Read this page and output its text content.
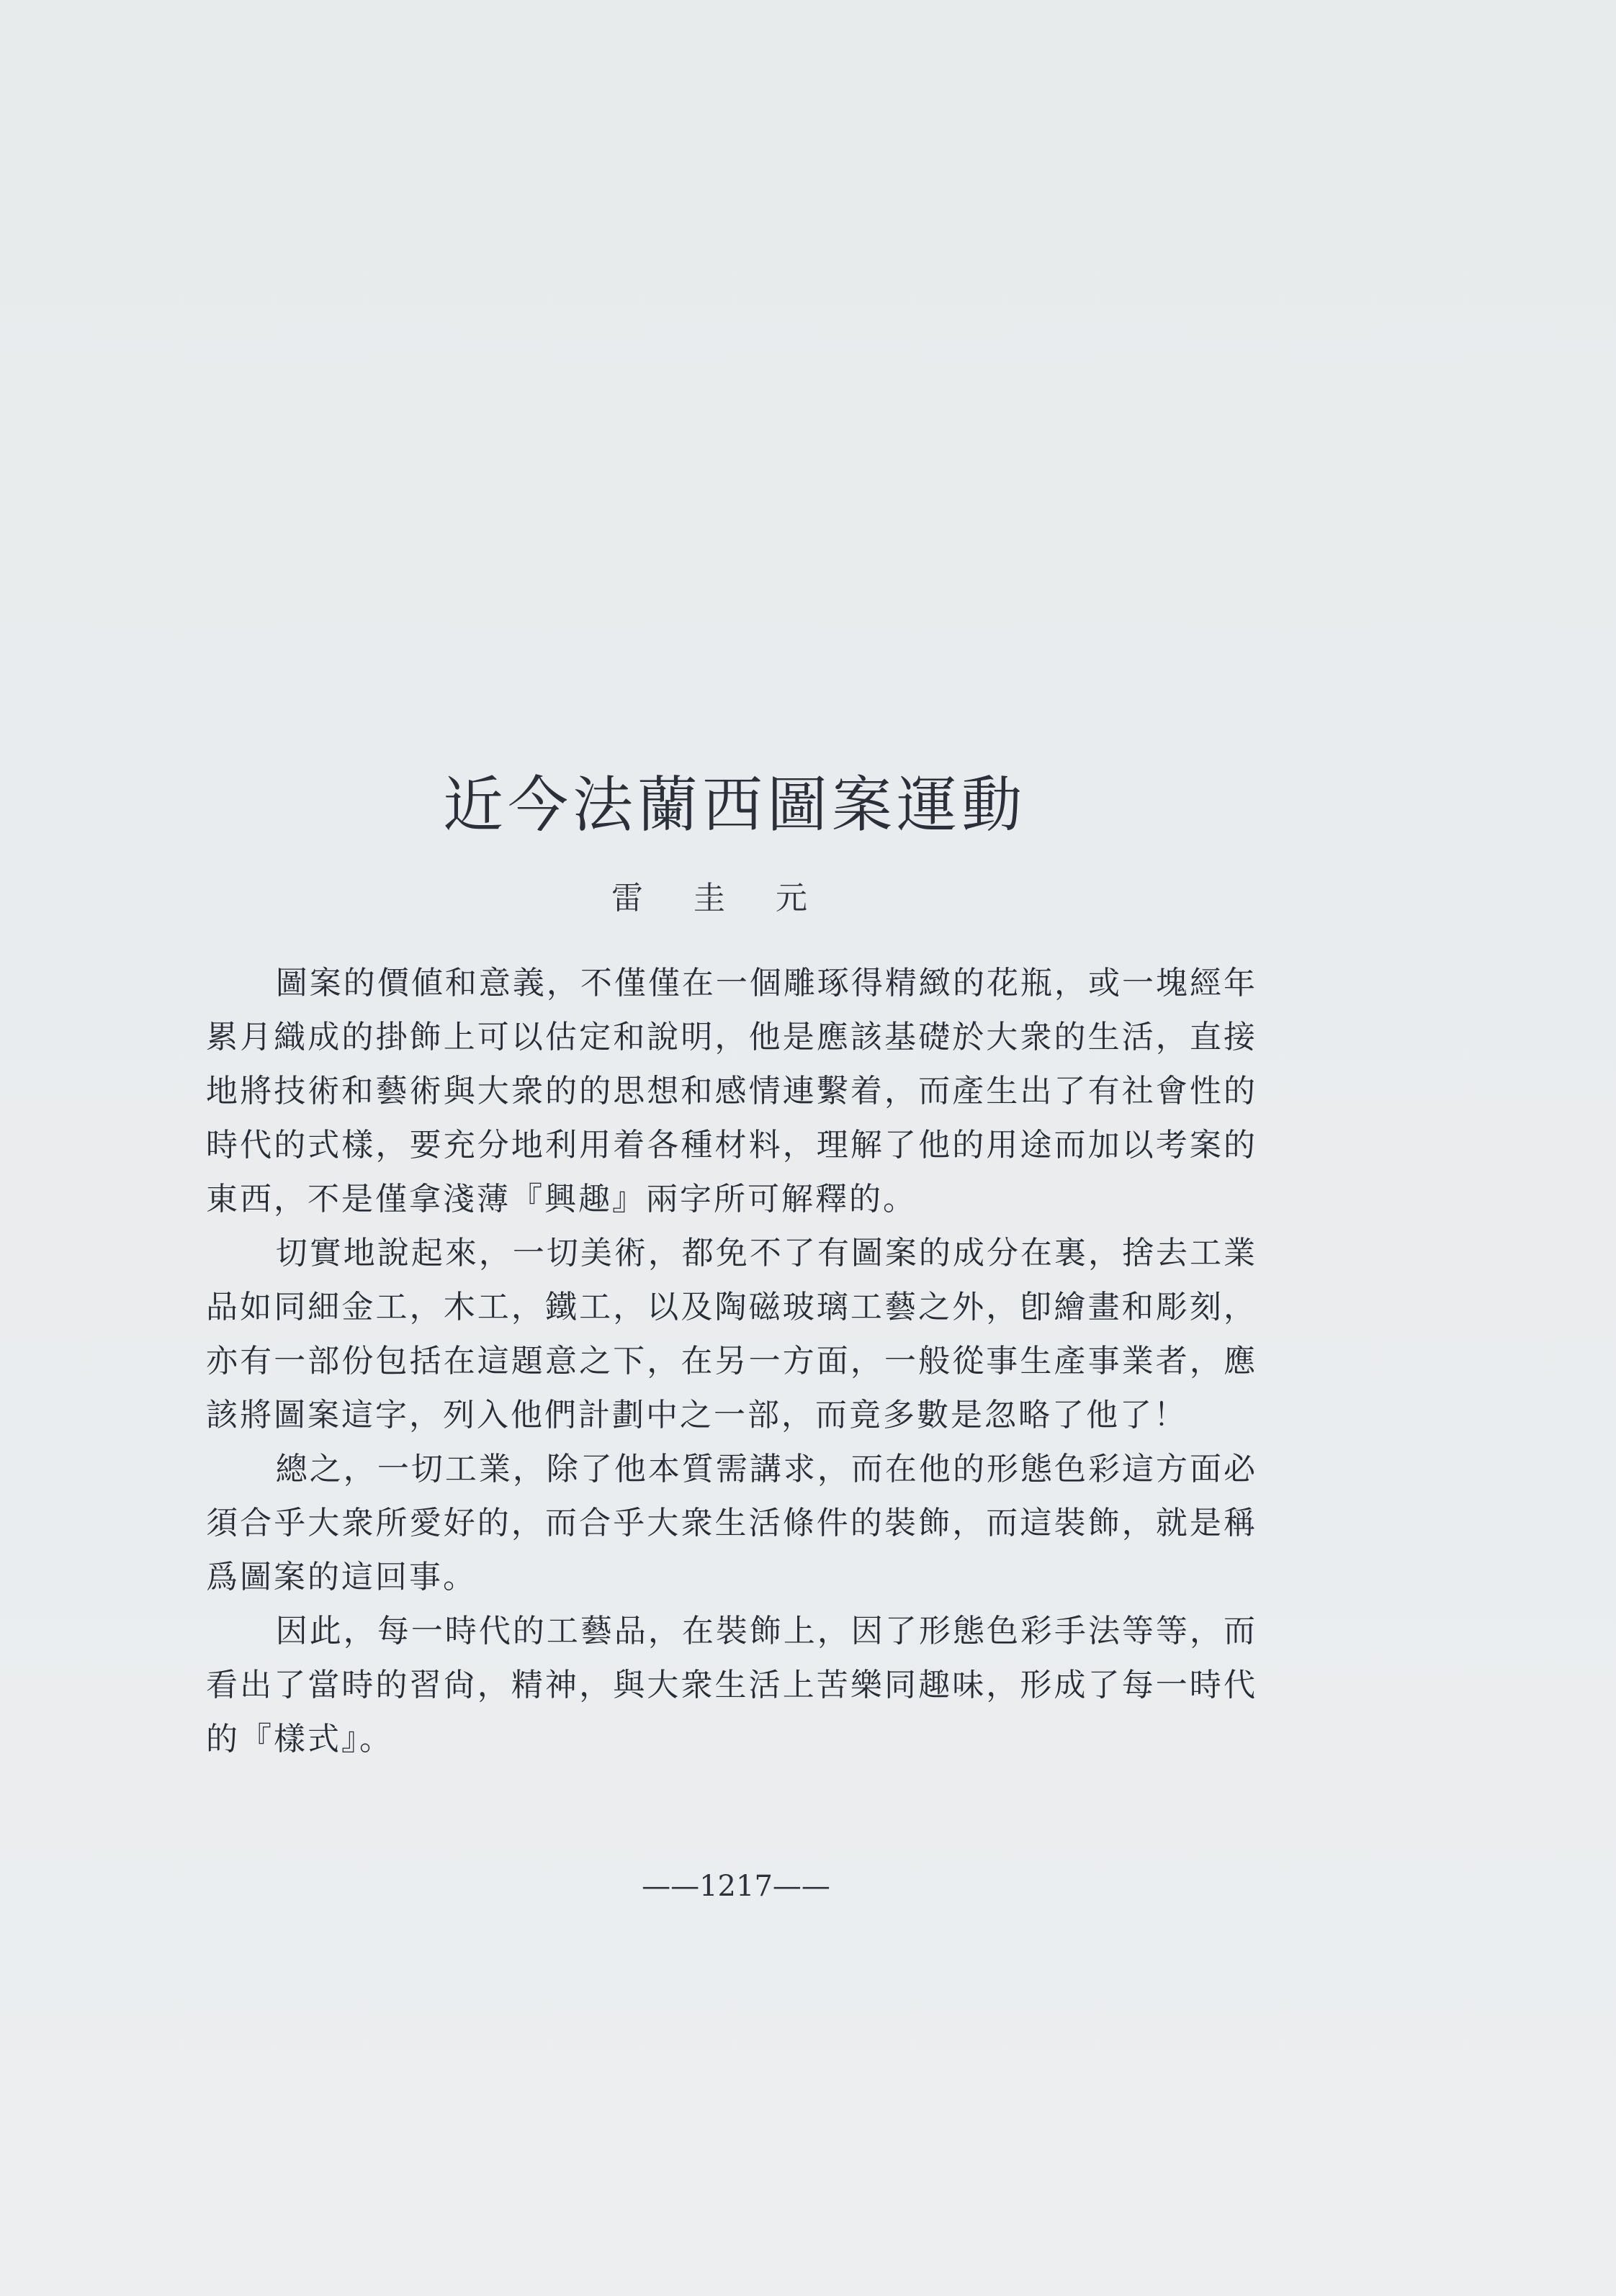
近今法蘭西圖案運動
雷圭元

圖案的價値和意義，不僅僅在一個雕琢得精緻的花瓶，或一塊經年累月織成的掛飾上可以估定和說明，他是應該基礎於大衆的生活，直接地將技術和藝術與大衆的的思想和感情連繫着，而產生出了有社會性的時代的式樣，要充分地利用着各種材料，理解了他的用途而加以考案的東西，不是僅拿淺薄『興趣』兩字所可解釋的。

切實地說起來，一切美術，都免不了有圖案的成分在裏，捨去工業品如同細金工，木工，鐵工，以及陶磁玻璃工藝之外，卽繪畫和彫刻，亦有一部份包括在這題意之下，在另一方面，一般從事生產事業者，應該將圖案這字，列入他們計劃中之一部，而竟多數是忽略了他了！

總之，一切工業，除了他本質需講求，而在他的形態色彩這方面必須合乎大衆所愛好的，而合乎大衆生活條件的裝飾，而這裝飾，就是稱爲圖案的這回事。

因此，每一時代的工藝品，在裝飾上，因了形態色彩手法等等，而看出了當時的習尙，精神，與大衆生活上苦樂同趣味，形成了每一時代的『樣式』。

——1217——
